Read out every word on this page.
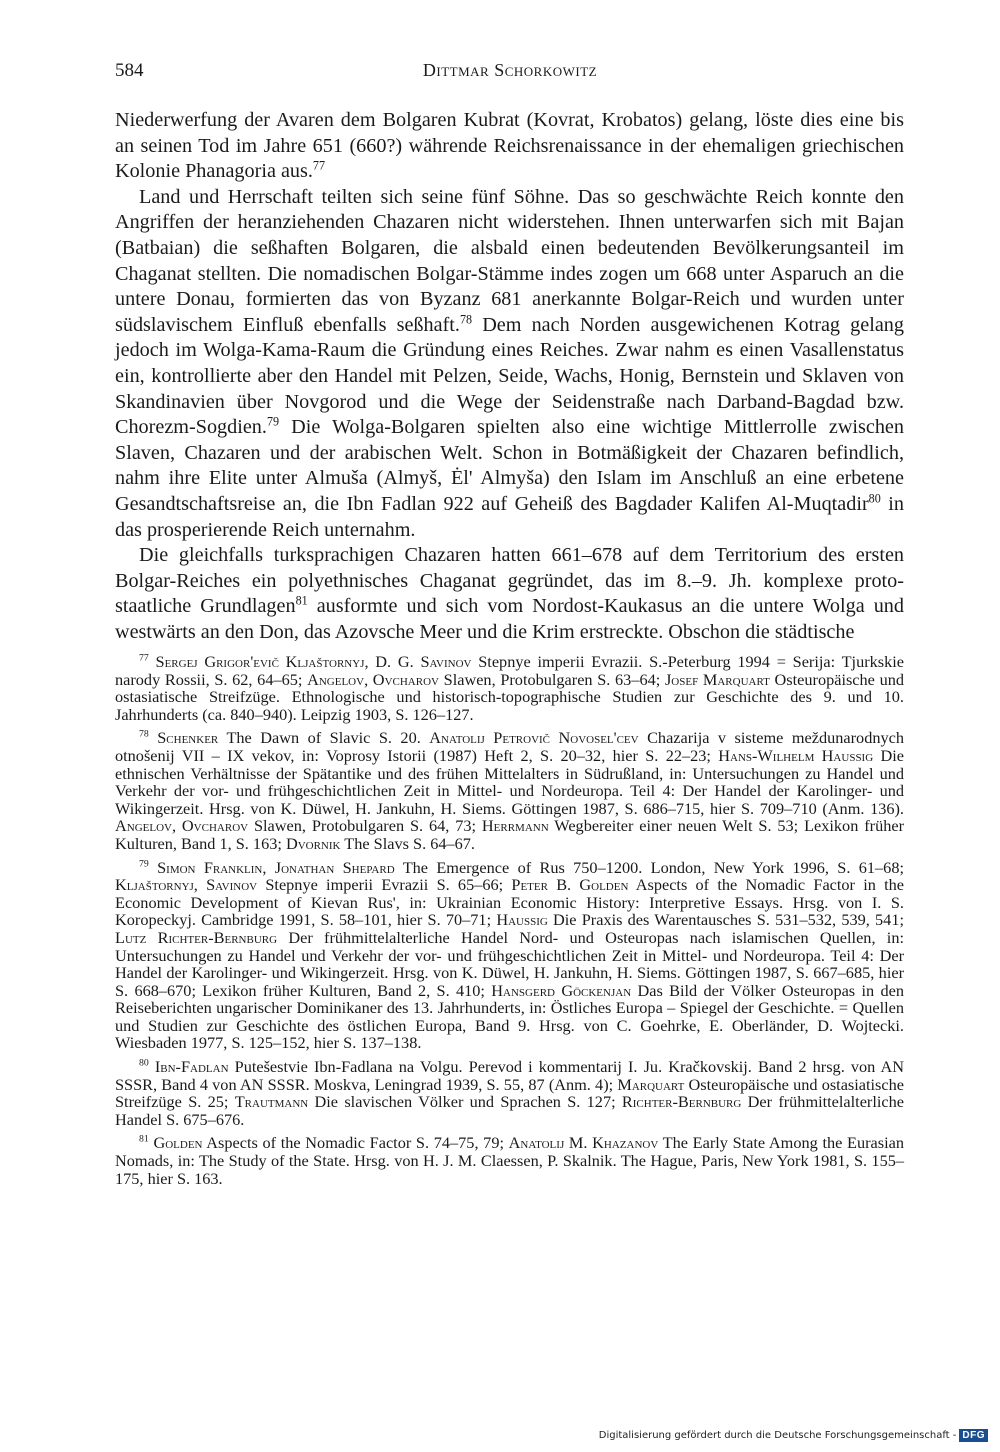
584	Dittmar Schorkowitz

Niederwerfung der Avaren dem Bolgaren Kubrat (Kovrat, Krobatos) gelang, löste dies eine bis an seinen Tod im Jahre 651 (660?) währende Reichsrenaissance in der ehemaligen griechischen Kolonie Phanagoria aus.$^{77}$

Land und Herrschaft teilten sich seine fünf Söhne. Das so geschwächte Reich konnte den Angriffen der heranziehenden Chazaren nicht widerstehen. Ihnen unterwarfen sich mit Bajan (Batbaian) die seßhaften Bolgaren, die alsbald einen bedeutenden Bevölkerungsanteil im Chaganat stellten. Die nomadischen Bolgar-Stämme indes zogen um 668 unter Asparuch an die untere Donau, formierten das von Byzanz 681 anerkannte Bolgar-Reich und wurden unter südslavischem Einfluß ebenfalls seßhaft.$^{78}$ Dem nach Norden ausgewichenen Kotrag gelang jedoch im Wolga-Kama-Raum die Gründung eines Reiches. Zwar nahm es einen Vasallenstatus ein, kontrollierte aber den Handel mit Pelzen, Seide, Wachs, Honig, Bernstein und Sklaven von Skandinavien über Novgorod und die Wege der Seidenstraße nach Darband-Bagdad bzw. Chorezm-Sogdien.$^{79}$ Die Wolga-Bolgaren spielten also eine wichtige Mittlerrolle zwischen Slaven, Chazaren und der arabischen Welt. Schon in Botmäßigkeit der Chazaren befindlich, nahm ihre Elite unter Almuša (Almyš, Ėl' Almyša) den Islam im Anschluß an eine erbetene Gesandtschaftsreise an, die Ibn Fadlan 922 auf Geheiß des Bagdader Kalifen Al-Muqtadir$^{80}$ in das prosperierende Reich unternahm.

Die gleichfalls turksprachigen Chazaren hatten 661–678 auf dem Territorium des ersten Bolgar-Reiches ein polyethnisches Chaganat gegründet, das im 8.–9. Jh. komplexe protostaatliche Grundlagen$^{81}$ ausformte und sich vom Nordost-Kaukasus an die untere Wolga und westwärts an den Don, das Azovsche Meer und die Krim erstreckte. Obschon die städtische

$^{77}$ Sergej Grigor'evič Kljaštornyj, D. G. Savinov Stepnye imperii Evrazii. S.-Peterburg 1994 = Serija: Tjurkskie narody Rossii, S. 62, 64–65; Angelov, Ovcharov Slawen, Protobulgaren S. 63–64; Josef Marquart Osteuropäische und ostasiatische Streifzüge. Ethnologische und historisch-topographische Studien zur Geschichte des 9. und 10. Jahrhunderts (ca. 840–940). Leipzig 1903, S. 126–127.

$^{78}$ Schenker The Dawn of Slavic S. 20. Anatolij Petrovič Novosel'cev Chazarija v sisteme meždunarodnych otnošenij VII – IX vekov, in: Voprosy Istorii (1987) Heft 2, S. 20–32, hier S. 22–23; Hans-Wilhelm Haussig Die ethnischen Verhältnisse der Spätantike und des frühen Mittelalters in Südrußland, in: Untersuchungen zu Handel und Verkehr der vor- und frühgeschichtlichen Zeit in Mittel- und Nordeuropa. Teil 4: Der Handel der Karolinger- und Wikingerzeit. Hrsg. von K. Düwel, H. Jankuhn, H. Siems. Göttingen 1987, S. 686–715, hier S. 709–710 (Anm. 136). Angelov, Ovcharov Slawen, Protobulgaren S. 64, 73; Herrmann Wegbereiter einer neuen Welt S. 53; Lexikon früher Kulturen, Band 1, S. 163; Dvornik The Slavs S. 64–67.

$^{79}$ Simon Franklin, Jonathan Shepard The Emergence of Rus 750–1200. London, New York 1996, S. 61–68; Kljaštornyj, Savinov Stepnye imperii Evrazii S. 65–66; Peter B. Golden Aspects of the Nomadic Factor in the Economic Development of Kievan Rus', in: Ukrainian Economic History: Interpretive Essays. Hrsg. von I. S. Koropeckyj. Cambridge 1991, S. 58–101, hier S. 70–71; Haussig Die Praxis des Warentausches S. 531–532, 539, 541; Lutz Richter-Bernburg Der frühmittelalterliche Handel Nord- und Osteuropas nach islamischen Quellen, in: Untersuchungen zu Handel und Verkehr der vor- und frühgeschichtlichen Zeit in Mittel- und Nordeuropa. Teil 4: Der Handel der Karolinger- und Wikingerzeit. Hrsg. von K. Düwel, H. Jankuhn, H. Siems. Göttingen 1987, S. 667–685, hier S. 668–670; Lexikon früher Kulturen, Band 2, S. 410; Hansgerd Göckenjan Das Bild der Völker Osteuropas in den Reiseberichten ungarischer Dominikaner des 13. Jahrhunderts, in: Östliches Europa – Spiegel der Geschichte. = Quellen und Studien zur Geschichte des östlichen Europa, Band 9. Hrsg. von C. Goehrke, E. Oberländer, D. Wojtecki. Wiesbaden 1977, S. 125–152, hier S. 137–138.

$^{80}$ Ibn-Fadlan Putešestvie Ibn-Fadlana na Volgu. Perevod i kommentarij I. Ju. Kračkovskij. Band 2 hrsg. von AN SSSR, Band 4 von AN SSSR. Moskva, Leningrad 1939, S. 55, 87 (Anm. 4); Marquart Osteuropäische und ostasiatische Streifzüge S. 25; Trautmann Die slavischen Völker und Sprachen S. 127; Richter-Bernburg Der frühmittelalterliche Handel S. 675–676.

$^{81}$ Golden Aspects of the Nomadic Factor S. 74–75, 79; Anatolij M. Khazanov The Early State Among the Eurasian Nomads, in: The Study of the State. Hrsg. von H. J. M. Claessen, P. Skalnik. The Hague, Paris, New York 1981, S. 155–175, hier S. 163.

Digitalisierung gefördert durch die Deutsche Forschungsgemeinschaft - DFG
